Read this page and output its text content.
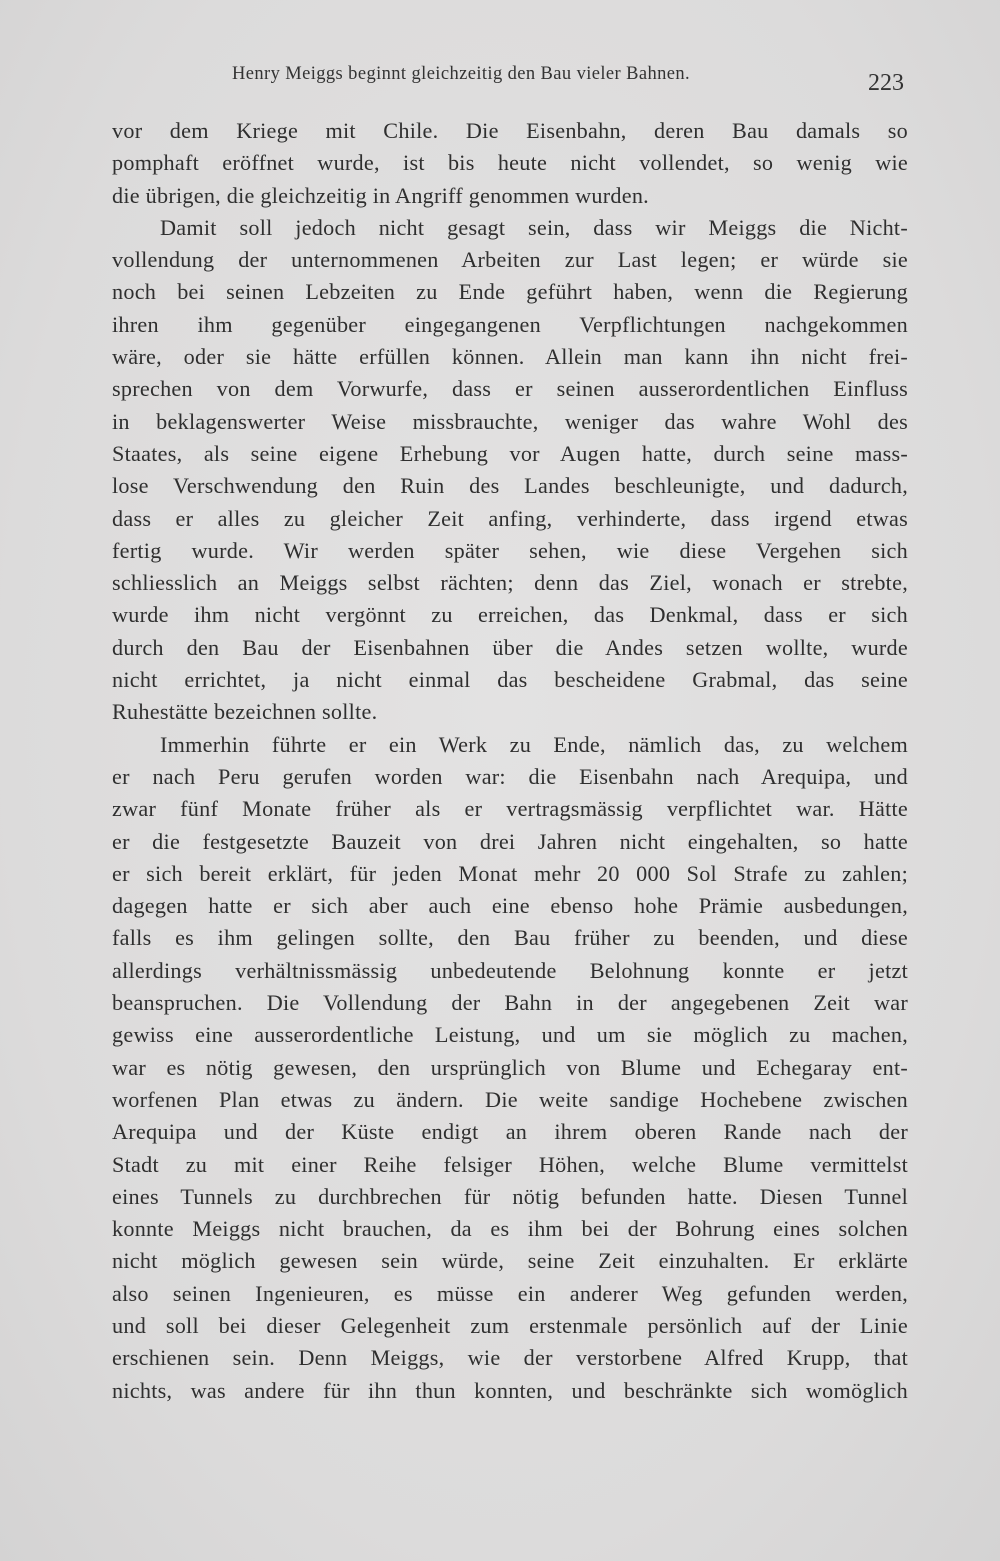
Henry Meiggs beginnt gleichzeitig den Bau vieler Bahnen.	223
vor dem Kriege mit Chile. Die Eisenbahn, deren Bau damals so
pomphaft eröffnet wurde, ist bis heute nicht vollendet, so wenig wie
die übrigen, die gleichzeitig in Angriff genommen wurden.
Damit soll jedoch nicht gesagt sein, dass wir Meiggs die Nicht-
vollendung der unternommenen Arbeiten zur Last legen; er würde sie
noch bei seinen Lebzeiten zu Ende geführt haben, wenn die Regierung
ihren ihm gegenüber eingegangenen Verpflichtungen nachgekommen
wäre, oder sie hätte erfüllen können. Allein man kann ihn nicht frei-
sprechen von dem Vorwurfe, dass er seinen ausserordentlichen Einfluss
in beklagenswerter Weise missbrauchte, weniger das wahre Wohl des
Staates, als seine eigene Erhebung vor Augen hatte, durch seine mass-
lose Verschwendung den Ruin des Landes beschleunigte, und dadurch,
dass er alles zu gleicher Zeit anfing, verhinderte, dass irgend etwas
fertig wurde. Wir werden später sehen, wie diese Vergehen sich
schliesslich an Meiggs selbst rächten; denn das Ziel, wonach er strebte,
wurde ihm nicht vergönnt zu erreichen, das Denkmal, dass er sich
durch den Bau der Eisenbahnen über die Andes setzen wollte, wurde
nicht errichtet, ja nicht einmal das bescheidene Grabmal, das seine
Ruhestätte bezeichnen sollte.
Immerhin führte er ein Werk zu Ende, nämlich das, zu welchem
er nach Peru gerufen worden war: die Eisenbahn nach Arequipa, und
zwar fünf Monate früher als er vertragsmässig verpflichtet war. Hätte
er die festgesetzte Bauzeit von drei Jahren nicht eingehalten, so hatte
er sich bereit erklärt, für jeden Monat mehr 20 000 Sol Strafe zu zahlen;
dagegen hatte er sich aber auch eine ebenso hohe Prämie ausbedungen,
falls es ihm gelingen sollte, den Bau früher zu beenden, und diese
allerdings verhältnissmässig unbedeutende Belohnung konnte er jetzt
beanspruchen. Die Vollendung der Bahn in der angegebenen Zeit war
gewiss eine ausserordentliche Leistung, und um sie möglich zu machen,
war es nötig gewesen, den ursprünglich von Blume und Echegaray ent-
worfenen Plan etwas zu ändern. Die weite sandige Hochebene zwischen
Arequipa und der Küste endigt an ihrem oberen Rande nach der
Stadt zu mit einer Reihe felsiger Höhen, welche Blume vermittelst
eines Tunnels zu durchbrechen für nötig befunden hatte. Diesen Tunnel
konnte Meiggs nicht brauchen, da es ihm bei der Bohrung eines solchen
nicht möglich gewesen sein würde, seine Zeit einzuhalten. Er erklärte
also seinen Ingenieuren, es müsse ein anderer Weg gefunden werden,
und soll bei dieser Gelegenheit zum erstenmale persönlich auf der Linie
erschienen sein. Denn Meiggs, wie der verstorbene Alfred Krupp, that
nichts, was andere für ihn thun konnten, und beschränkte sich womöglich
